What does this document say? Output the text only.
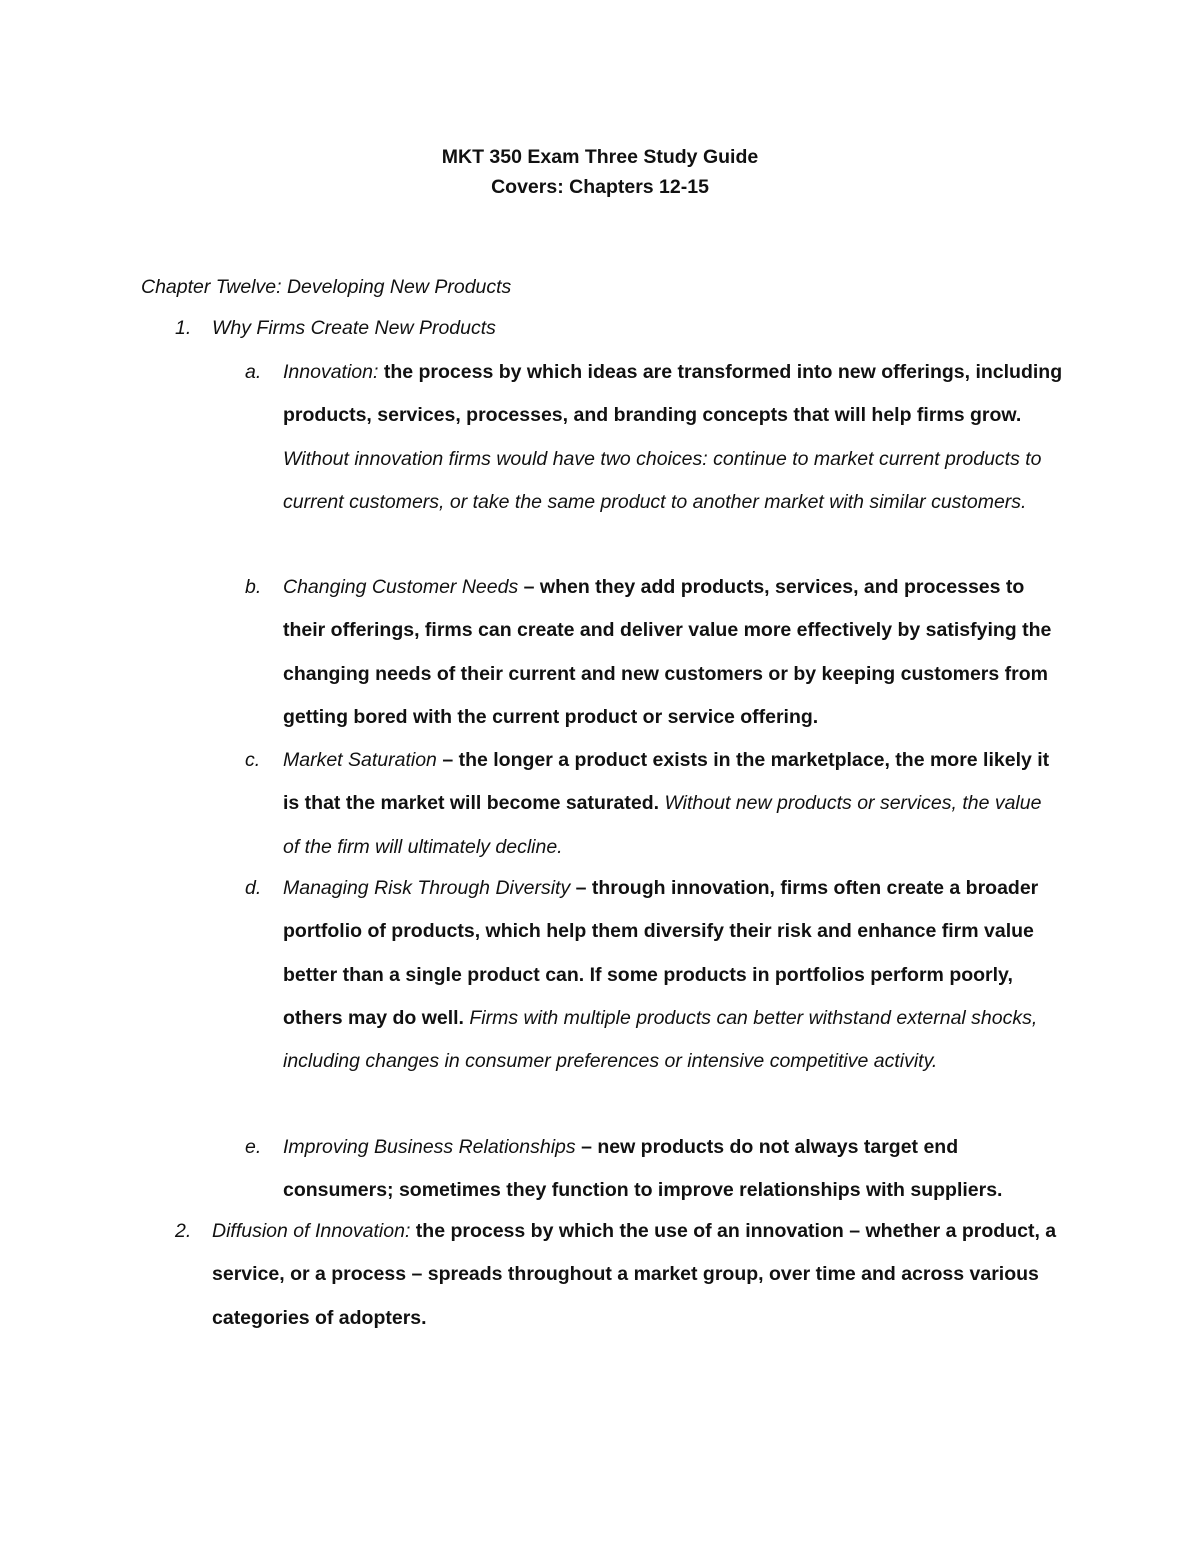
MKT 350 Exam Three Study Guide
Covers: Chapters 12-15
Chapter Twelve: Developing New Products
1. Why Firms Create New Products
a. Innovation: the process by which ideas are transformed into new offerings, including products, services, processes, and branding concepts that will help firms grow. Without innovation firms would have two choices: continue to market current products to current customers, or take the same product to another market with similar customers.
b. Changing Customer Needs – when they add products, services, and processes to their offerings, firms can create and deliver value more effectively by satisfying the changing needs of their current and new customers or by keeping customers from getting bored with the current product or service offering.
c. Market Saturation – the longer a product exists in the marketplace, the more likely it is that the market will become saturated. Without new products or services, the value of the firm will ultimately decline.
d. Managing Risk Through Diversity – through innovation, firms often create a broader portfolio of products, which help them diversify their risk and enhance firm value better than a single product can. If some products in portfolios perform poorly, others may do well. Firms with multiple products can better withstand external shocks, including changes in consumer preferences or intensive competitive activity.
e. Improving Business Relationships – new products do not always target end consumers; sometimes they function to improve relationships with suppliers.
2. Diffusion of Innovation: the process by which the use of an innovation – whether a product, a service, or a process – spreads throughout a market group, over time and across various categories of adopters.
